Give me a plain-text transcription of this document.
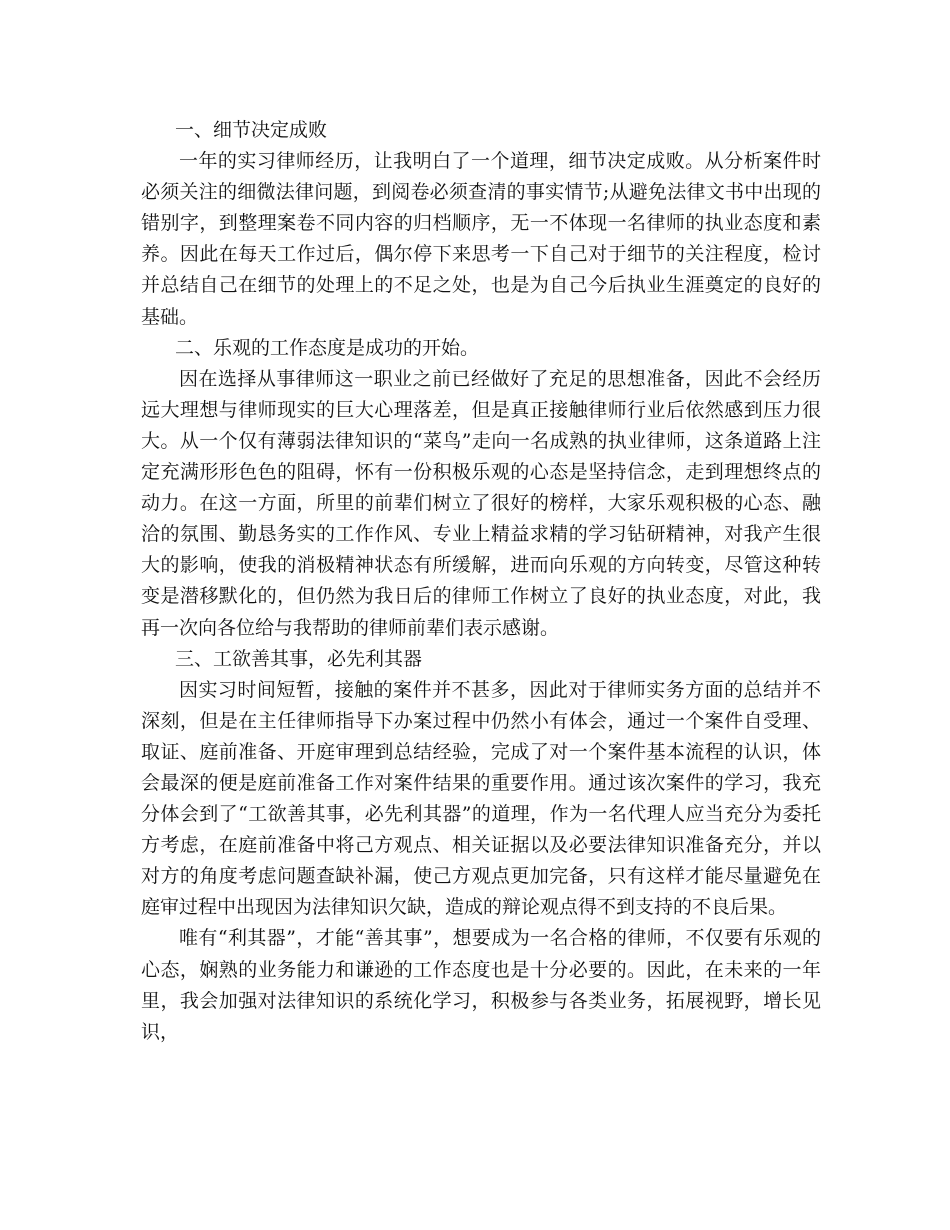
一、细节决定成败

一年的实习律师经历，让我明白了一个道理，细节决定成败。从分析案件时必须关注的细微法律问题，到阅卷必须查清的事实情节;从避免法律文书中出现的错别字，到整理案卷不同内容的归档顺序，无一不体现一名律师的执业态度和素养。因此在每天工作过后，偶尔停下来思考一下自己对于细节的关注程度，检讨并总结自己在细节的处理上的不足之处，也是为自己今后执业生涯奠定的良好的基础。

二、乐观的工作态度是成功的开始。

因在选择从事律师这一职业之前已经做好了充足的思想准备，因此不会经历远大理想与律师现实的巨大心理落差，但是真正接触律师行业后依然感到压力很大。从一个仅有薄弱法律知识的“菜鸟”走向一名成熟的执业律师，这条道路上注定充满形形色色的阻碍，怀有一份积极乐观的心态是坚持信念，走到理想终点的动力。在这一方面，所里的前辈们树立了很好的榜样，大家乐观积极的心态、融洽的氛围、勤恳务实的工作作风、专业上精益求精的学习钻研精神，对我产生很大的影响，使我的消极精神状态有所缓解，进而向乐观的方向转变，尽管这种转变是潜移默化的，但仍然为我日后的律师工作树立了良好的执业态度，对此，我再一次向各位给与我帮助的律师前辈们表示感谢。

三、工欲善其事，必先利其器

因实习时间短暂，接触的案件并不甚多，因此对于律师实务方面的总结并不深刻，但是在主任律师指导下办案过程中仍然小有体会，通过一个案件自受理、取证、庭前准备、开庭审理到总结经验，完成了对一个案件基本流程的认识，体会最深的便是庭前准备工作对案件结果的重要作用。通过该次案件的学习，我充分体会到了“工欲善其事，必先利其器”的道理，作为一名代理人应当充分为委托方考虑，在庭前准备中将己方观点、相关证据以及必要法律知识准备充分，并以对方的角度考虑问题查缺补漏，使己方观点更加完备，只有这样才能尽量避免在庭审过程中出现因为法律知识欠缺，造成的辩论观点得不到支持的不良后果。

唯有“利其器”，才能“善其事”，想要成为一名合格的律师，不仅要有乐观的心态，娴熟的业务能力和谦逊的工作态度也是十分必要的。因此，在未来的一年里，我会加强对法律知识的系统化学习，积极参与各类业务，拓展视野，增长见识，
